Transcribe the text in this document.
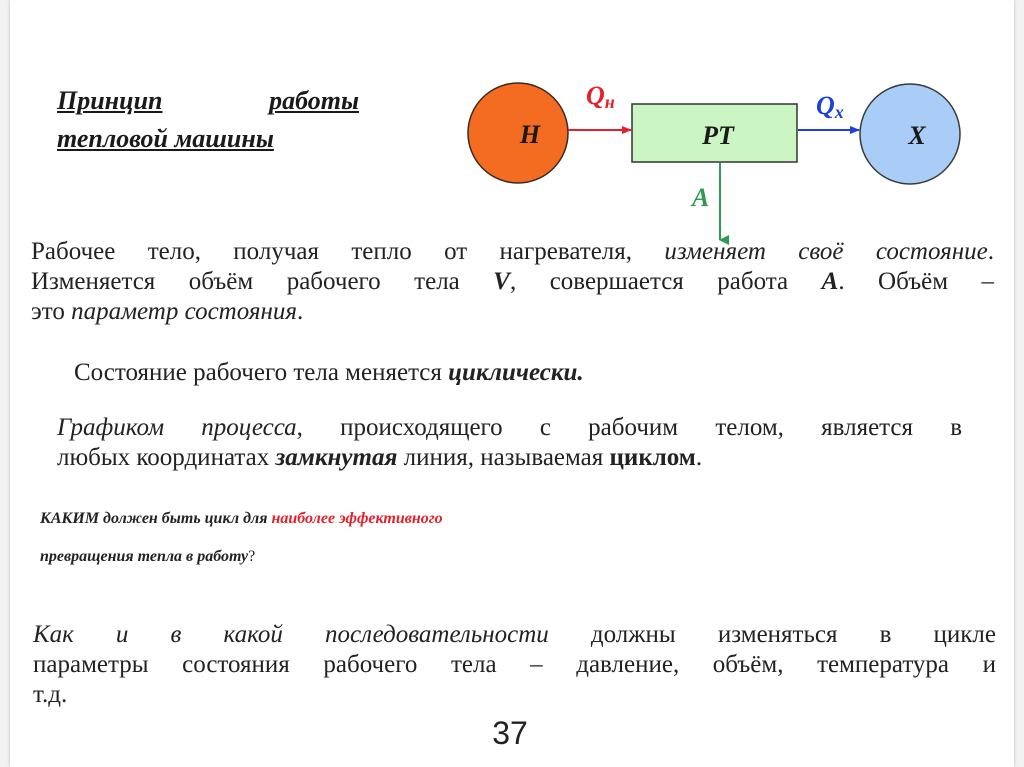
Принцип	работы
тепловой машины	Н	РТ	Х
Qн	Qх
А
Рабочее тело, получая тепло от нагревателя, изменяет своё состояние.
Изменяется объём рабочего тела V, совершается работа А. Объём –
это параметр состояния.
Состояние рабочего тела меняется циклически.
Графиком процесса, происходящего с рабочим телом, является в
любых координатах замкнутая линия, называемая циклом.
КАКИМ должен быть цикл для наиболее эффективного
превращения тепла в работу?
Как и в какой последовательности должны изменяться в цикле
параметры состояния рабочего тела – давление, объём, температура и
т.д.
37
